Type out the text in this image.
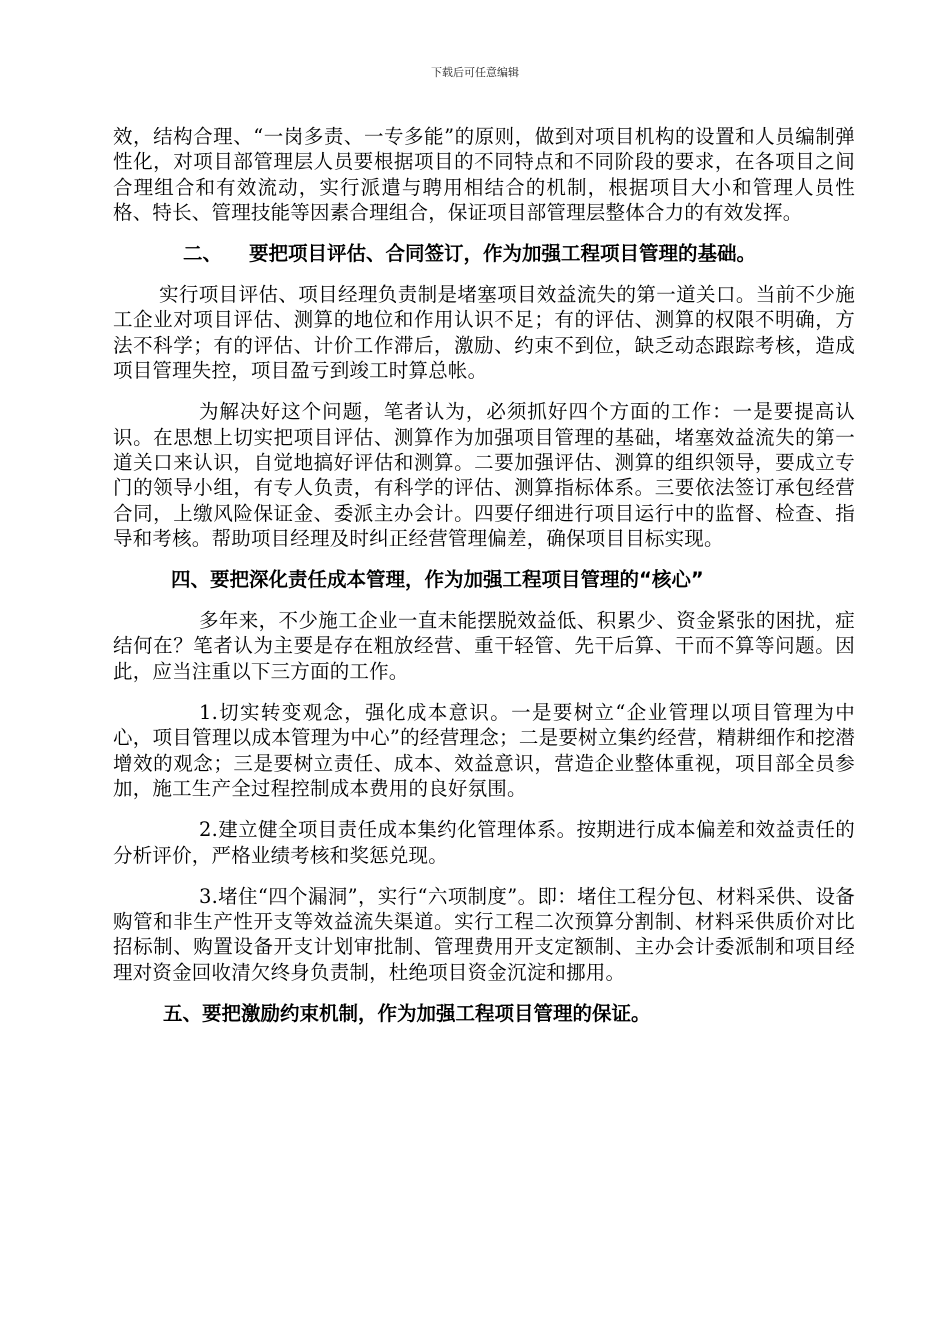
下载后可任意编辑

效，结构合理、“一岗多责、一专多能”的原则，做到对项目机构的设置和人员编制弹性化，对项目部管理层人员要根据项目的不同特点和不同阶段的要求，在各项目之间合理组合和有效流动，实行派遣与聘用相结合的机制，根据项目大小和管理人员性格、特长、管理技能等因素合理组合，保证项目部管理层整体合力的有效发挥。

二、 要把项目评估、合同签订，作为加强工程项目管理的基础。

实行项目评估、项目经理负责制是堵塞项目效益流失的第一道关口。当前不少施工企业对项目评估、测算的地位和作用认识不足；有的评估、测算的权限不明确，方法不科学；有的评估、计价工作滞后，激励、约束不到位，缺乏动态跟踪考核，造成项目管理失控，项目盈亏到竣工时算总帐。

为解决好这个问题，笔者认为，必须抓好四个方面的工作：一是要提高认识。在思想上切实把项目评估、测算作为加强项目管理的基础，堵塞效益流失的第一道关口来认识，自觉地搞好评估和测算。二要加强评估、测算的组织领导，要成立专门的领导小组，有专人负责，有科学的评估、测算指标体系。三要依法签订承包经营合同，上缴风险保证金、委派主办会计。四要仔细进行项目运行中的监督、检查、指导和考核。帮助项目经理及时纠正经营管理偏差，确保项目目标实现。

四、要把深化责任成本管理，作为加强工程项目管理的“核心”

多年来，不少施工企业一直未能摆脱效益低、积累少、资金紧张的困扰，症结何在？笔者认为主要是存在粗放经营、重干轻管、先干后算、干而不算等问题。因此，应当注重以下三方面的工作。

1.切实转变观念，强化成本意识。一是要树立“企业管理以项目管理为中心，项目管理以成本管理为中心”的经营理念；二是要树立集约经营，精耕细作和挖潜增效的观念；三是要树立责任、成本、效益意识，营造企业整体重视，项目部全员参加，施工生产全过程控制成本费用的良好氛围。

2.建立健全项目责任成本集约化管理体系。按期进行成本偏差和效益责任的分析评价，严格业绩考核和奖惩兑现。

3.堵住“四个漏洞”，实行“六项制度”。即：堵住工程分包、材料采供、设备购管和非生产性开支等效益流失渠道。实行工程二次预算分割制、材料采供质价对比招标制、购置设备开支计划审批制、管理费用开支定额制、主办会计委派制和项目经理对资金回收清欠终身负责制，杜绝项目资金沉淀和挪用。

五、要把激励约束机制，作为加强工程项目管理的保证。
